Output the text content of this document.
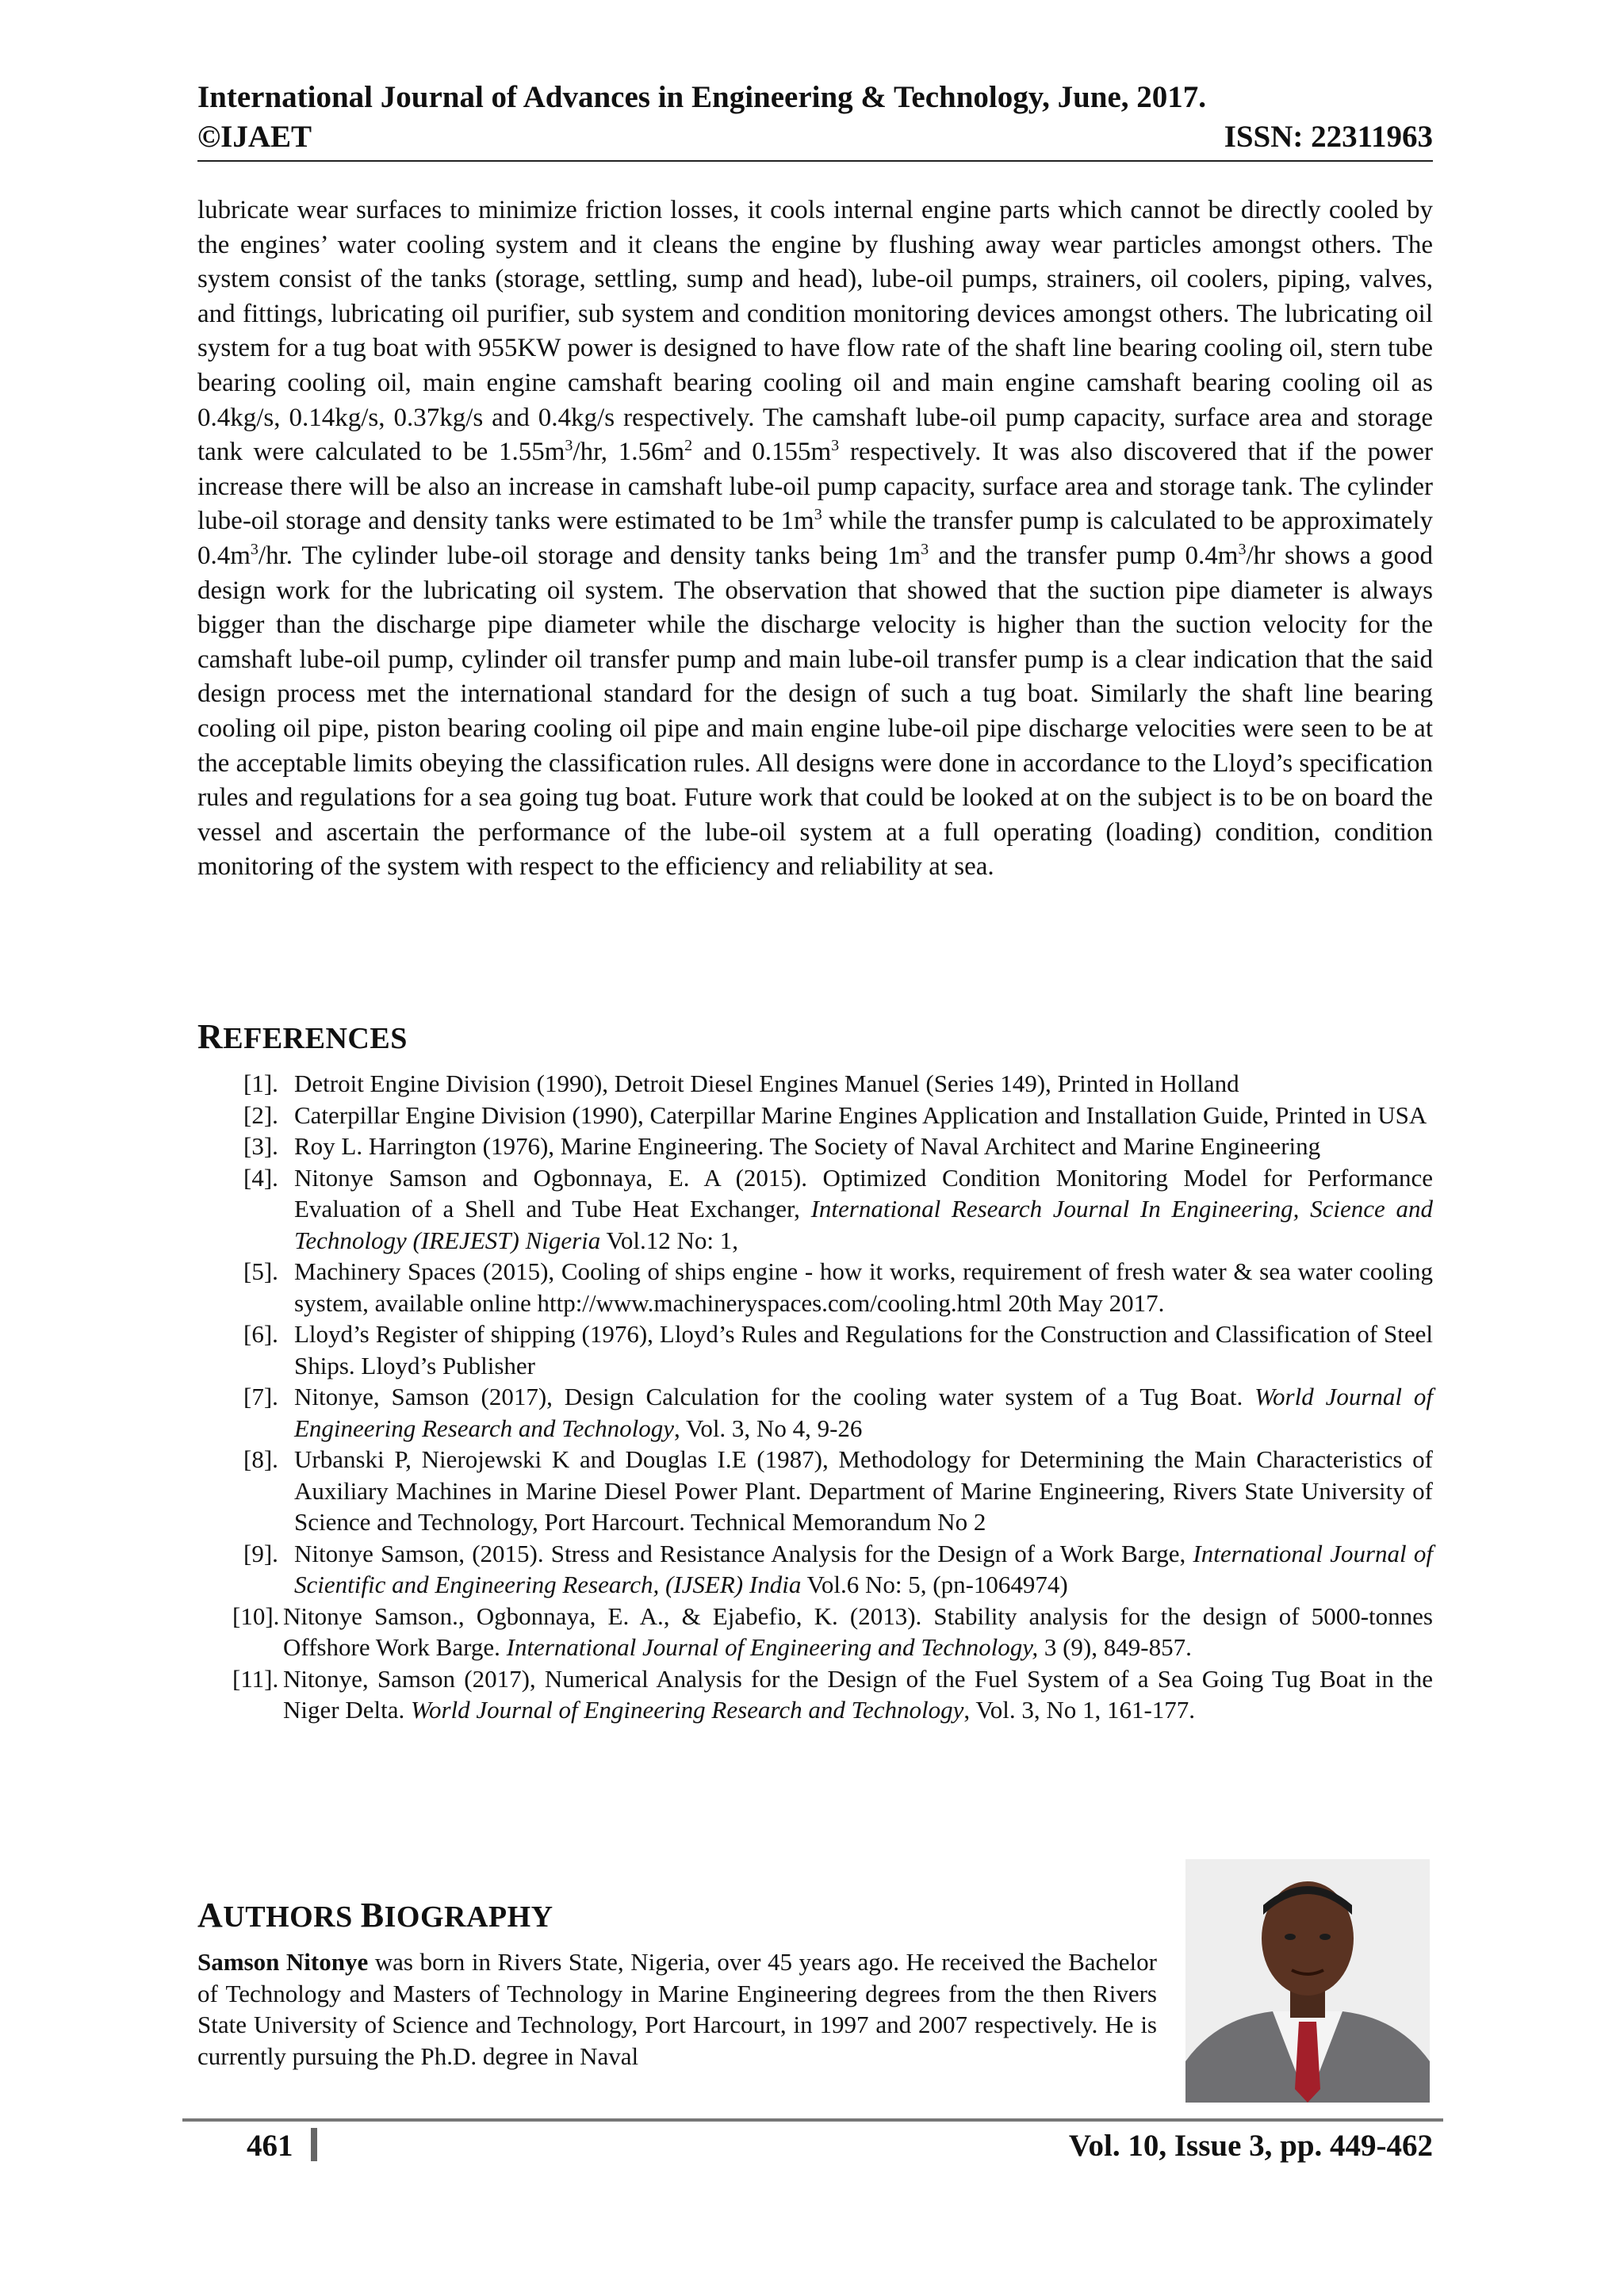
International Journal of Advances in Engineering & Technology, June, 2017.
©IJAET	ISSN: 22311963
lubricate wear surfaces to minimize friction losses, it cools internal engine parts which cannot be directly cooled by the engines’ water cooling system and it cleans the engine by flushing away wear particles amongst others. The system consist of the tanks (storage, settling, sump and head), lube-oil pumps, strainers, oil coolers, piping, valves, and fittings, lubricating oil purifier, sub system and condition monitoring devices amongst others. The lubricating oil system for a tug boat with 955KW power is designed to have flow rate of the shaft line bearing cooling oil, stern tube bearing cooling oil, main engine camshaft bearing cooling oil and main engine camshaft bearing cooling oil as 0.4kg/s, 0.14kg/s, 0.37kg/s and 0.4kg/s respectively. The camshaft lube-oil pump capacity, surface area and storage tank were calculated to be $1.55m^3/hr$, $1.56m^2$ and $0.155m^3$ respectively. It was also discovered that if the power increase there will be also an increase in camshaft lube-oil pump capacity, surface area and storage tank. The cylinder lube-oil storage and density tanks were estimated to be $1m^3$ while the transfer pump is calculated to be approximately $0.4m^3/hr$. The cylinder lube-oil storage and density tanks being $1m^3$ and the transfer pump $0.4m^3/hr$ shows a good design work for the lubricating oil system. The observation that showed that the suction pipe diameter is always bigger than the discharge pipe diameter while the discharge velocity is higher than the suction velocity for the camshaft lube-oil pump, cylinder oil transfer pump and main lube-oil transfer pump is a clear indication that the said design process met the international standard for the design of such a tug boat. Similarly the shaft line bearing cooling oil pipe, piston bearing cooling oil pipe and main engine lube-oil pipe discharge velocities were seen to be at the acceptable limits obeying the classification rules. All designs were done in accordance to the Lloyd’s specification rules and regulations for a sea going tug boat. Future work that could be looked at on the subject is to be on board the vessel and ascertain the performance of the lube-oil system at a full operating (loading) condition, condition monitoring of the system with respect to the efficiency and reliability at sea.
REFERENCES
[1]. Detroit Engine Division (1990), Detroit Diesel Engines Manuel (Series 149), Printed in Holland
[2]. Caterpillar Engine Division (1990), Caterpillar Marine Engines Application and Installation Guide, Printed in USA
[3]. Roy L. Harrington (1976), Marine Engineering. The Society of Naval Architect and Marine Engineering
[4]. Nitonye Samson and Ogbonnaya, E. A (2015). Optimized Condition Monitoring Model for Performance Evaluation of a Shell and Tube Heat Exchanger, International Research Journal In Engineering, Science and Technology (IREJEST) Nigeria Vol.12 No: 1,
[5]. Machinery Spaces (2015), Cooling of ships engine - how it works, requirement of fresh water & sea water cooling system, available online http://www.machineryspaces.com/cooling.html 20th May 2017.
[6]. Lloyd’s Register of shipping (1976), Lloyd’s Rules and Regulations for the Construction and Classification of Steel Ships. Lloyd’s Publisher
[7]. Nitonye, Samson (2017), Design Calculation for the cooling water system of a Tug Boat. World Journal of Engineering Research and Technology, Vol. 3, No 4, 9-26
[8]. Urbanski P, Nierojewski K and Douglas I.E (1987), Methodology for Determining the Main Characteristics of Auxiliary Machines in Marine Diesel Power Plant. Department of Marine Engineering, Rivers State University of Science and Technology, Port Harcourt. Technical Memorandum No 2
[9]. Nitonye Samson, (2015). Stress and Resistance Analysis for the Design of a Work Barge, International Journal of Scientific and Engineering Research, (IJSER) India Vol.6 No: 5, (pn-1064974)
[10]. Nitonye Samson., Ogbonnaya, E. A., & Ejabefio, K. (2013). Stability analysis for the design of 5000-tonnes Offshore Work Barge. International Journal of Engineering and Technology, 3 (9), 849-857.
[11]. Nitonye, Samson (2017), Numerical Analysis for the Design of the Fuel System of a Sea Going Tug Boat in the Niger Delta. World Journal of Engineering Research and Technology, Vol. 3, No 1, 161-177.
AUTHORS BIOGRAPHY
Samson Nitonye was born in Rivers State, Nigeria, over 45 years ago. He received the Bachelor of Technology and Masters of Technology in Marine Engineering degrees from the then Rivers State University of Science and Technology, Port Harcourt, in 1997 and 2007 respectively. He is currently pursuing the Ph.D. degree in Naval
461	Vol. 10, Issue 3, pp. 449-462
